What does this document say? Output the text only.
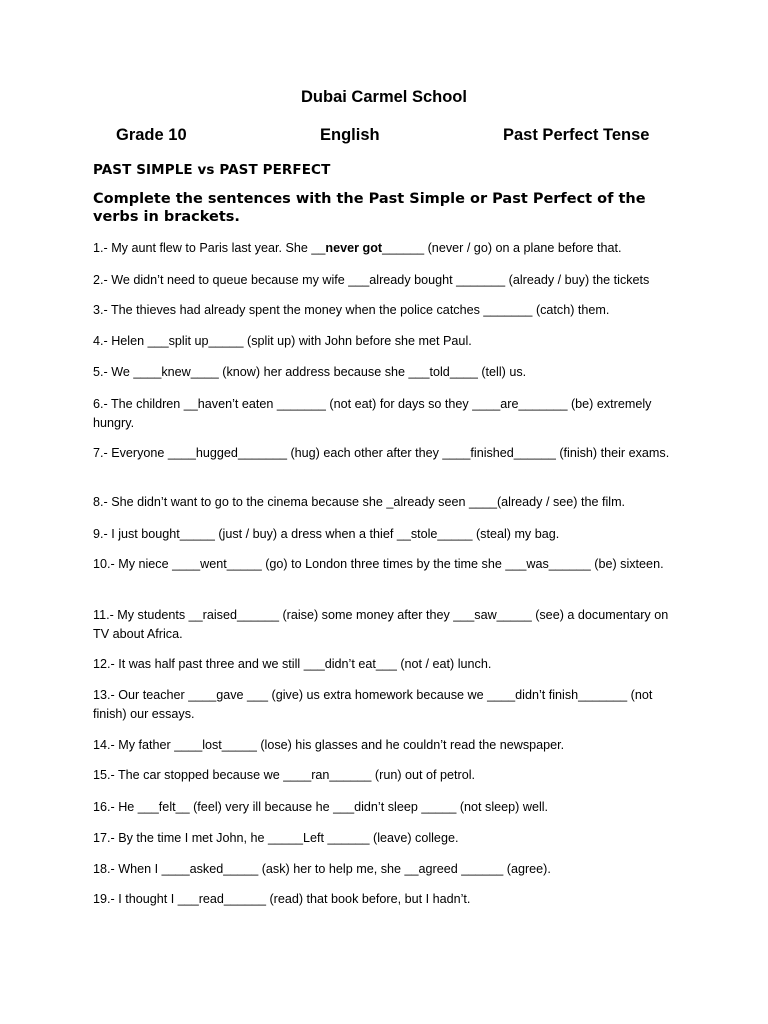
Dubai Carmel School
Grade 10	English	Past Perfect Tense
PAST SIMPLE vs PAST PERFECT
Complete the sentences with the Past Simple or Past Perfect of the verbs in brackets.
1.- My aunt flew to Paris last year. She __never got______ (never / go) on a plane before that.
2.- We didn’t need to queue because my wife ___already bought _______ (already / buy) the tickets
3.- The thieves had already spent the money when the police catches _______ (catch) them.
4.- Helen ___split up_____ (split up) with John before she met Paul.
5.- We ____knew____ (know) her address because she ___told____ (tell) us.
6.- The children __haven’t eaten _______ (not eat) for days so they ____are_______ (be) extremely hungry.
7.- Everyone ____hugged_______ (hug) each other after they ____finished______ (finish) their exams.
8.- She didn’t want to go to the cinema because she _already seen ____(already / see) the film.
9.- I just bought_____ (just / buy) a dress when a thief __stole_____ (steal) my bag.
10.- My niece ____went_____ (go) to London three times by the time she ___was______ (be) sixteen.
11.- My students __raised______ (raise) some money after they ___saw_____ (see) a documentary on TV about Africa.
12.- It was half past three and we still ___didn’t eat___ (not / eat) lunch.
13.- Our teacher ____gave ___ (give) us extra homework because we ____didn’t finish_______ (not finish) our essays.
14.- My father ____lost_____ (lose) his glasses and he couldn’t read the newspaper.
15.- The car stopped because we ____ran______ (run) out of petrol.
16.- He ___felt__ (feel) very ill because he ___didn’t sleep _____ (not sleep) well.
17.- By the time I met John, he _____Left ______ (leave) college.
18.- When I ____asked_____ (ask) her to help me, she __agreed ______ (agree).
19.- I thought I ___read______ (read) that book before, but I hadn’t.
